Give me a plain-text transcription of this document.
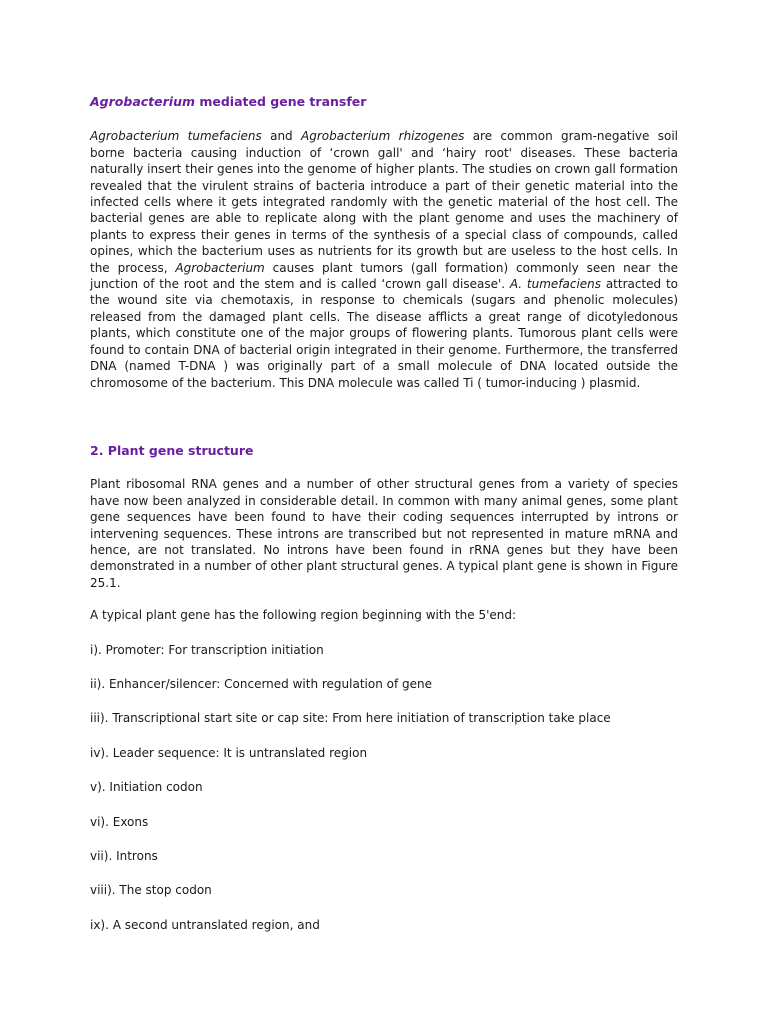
Agrobacterium mediated gene transfer

Agrobacterium tumefaciens and Agrobacterium rhizogenes are common gram-negative soil borne bacteria causing induction of ‘crown gall' and ‘hairy root' diseases. These bacteria naturally insert their genes into the genome of higher plants. The studies on crown gall formation revealed that the virulent strains of bacteria introduce a part of their genetic material into the infected cells where it gets integrated randomly with the genetic material of the host cell. The bacterial genes are able to replicate along with the plant genome and uses the machinery of plants to express their genes in terms of the synthesis of a special class of compounds, called opines, which the bacterium uses as nutrients for its growth but are useless to the host cells. In the process, Agrobacterium causes plant tumors (gall formation) commonly seen near the junction of the root and the stem and is called ‘crown gall disease'. A. tumefaciens attracted to the wound site via chemotaxis, in response to chemicals (sugars and phenolic molecules) released from the damaged plant cells. The disease afflicts a great range of dicotyledonous plants, which constitute one of the major groups of flowering plants. Tumorous plant cells were found to contain DNA of bacterial origin integrated in their genome. Furthermore, the transferred DNA (named T-DNA ) was originally part of a small molecule of DNA located outside the chromosome of the bacterium. This DNA molecule was called Ti ( tumor-inducing ) plasmid.

2. Plant gene structure

Plant ribosomal RNA genes and a number of other structural genes from a variety of species have now been analyzed in considerable detail. In common with many animal genes, some plant gene sequences have been found to have their coding sequences interrupted by introns or intervening sequences. These introns are transcribed but not represented in mature mRNA and hence, are not translated. No introns have been found in rRNA genes but they have been demonstrated in a number of other plant structural genes. A typical plant gene is shown in Figure 25.1.

A typical plant gene has the following region beginning with the 5'end:

i). Promoter: For transcription initiation

ii). Enhancer/silencer: Concerned with regulation of gene

iii). Transcriptional start site or cap site: From here initiation of transcription take place

iv). Leader sequence: It is untranslated region

v). Initiation codon

vi). Exons

vii). Introns

viii). The stop codon

ix). A second untranslated region, and
